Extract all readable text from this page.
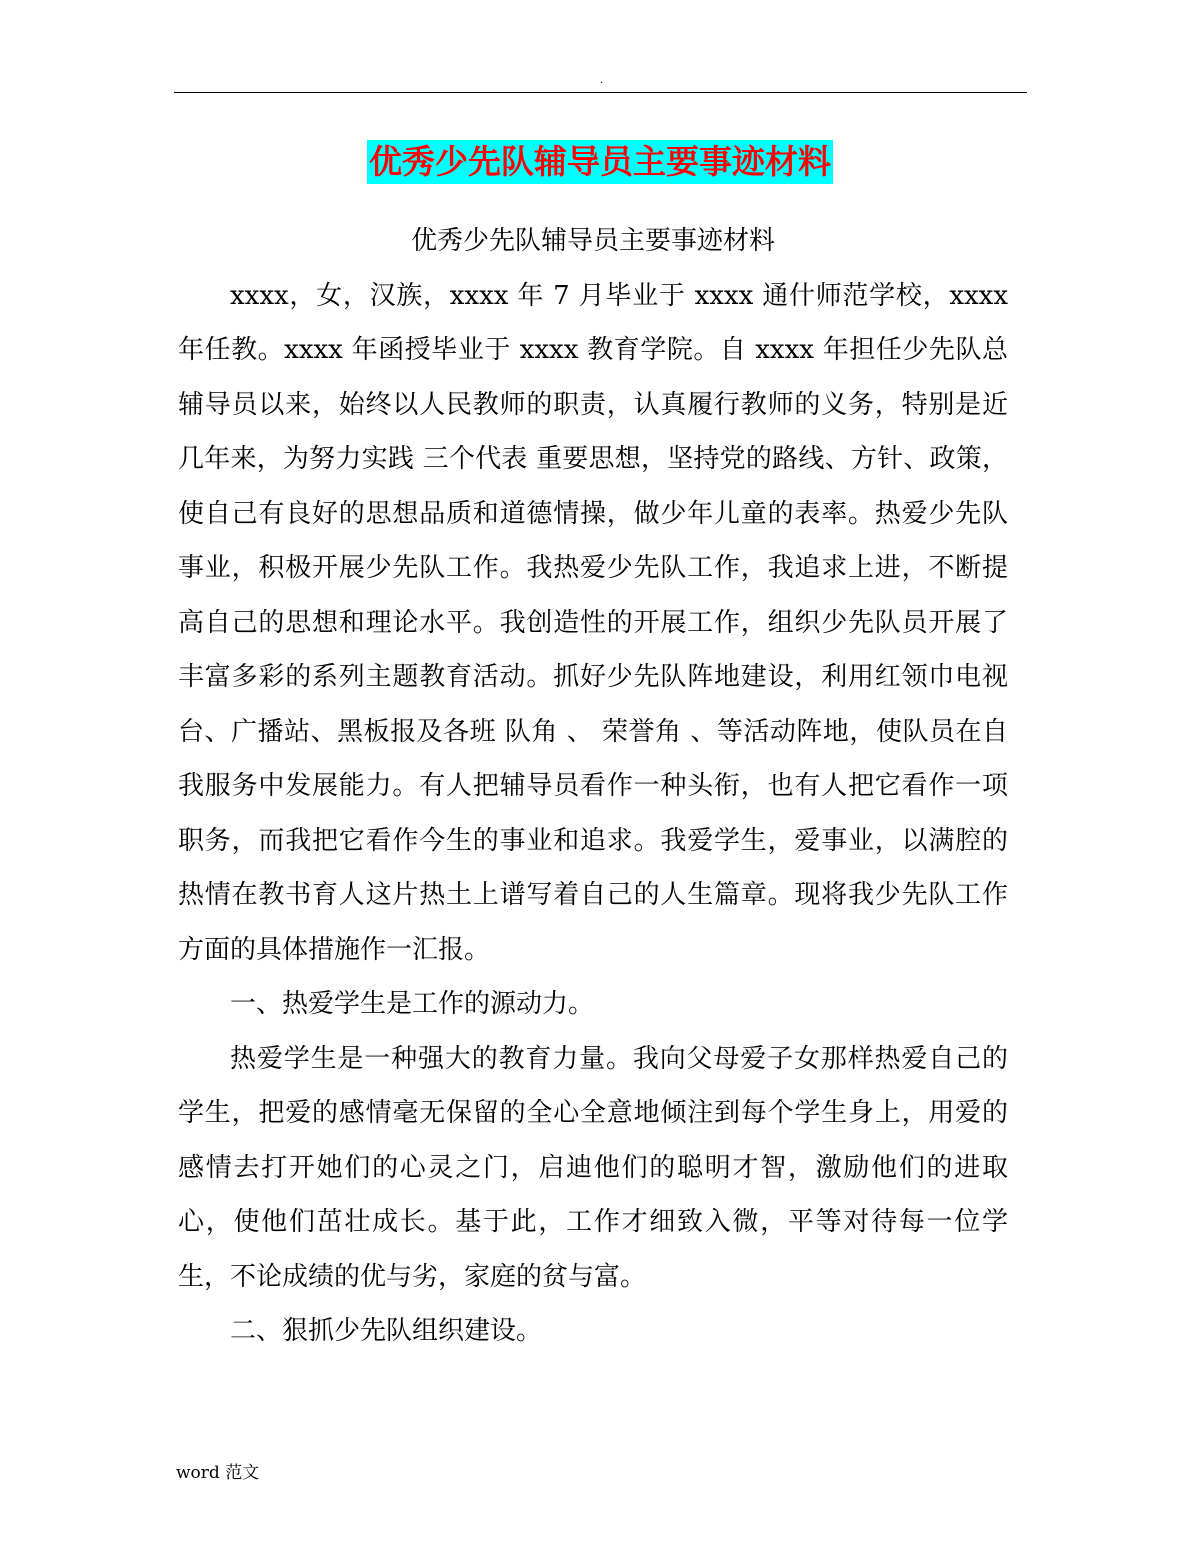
.
优秀少先队辅导员主要事迹材料

优秀少先队辅导员主要事迹材料

xxxx，女，汉族，xxxx 年 7 月毕业于 xxxx 通什师范学校，xxxx 年任教。xxxx 年函授毕业于 xxxx 教育学院。自 xxxx 年担任少先队总辅导员以来，始终以人民教师的职责，认真履行教师的义务，特别是近几年来，为努力实践 三个代表 重要思想，坚持党的路线、方针、政策，使自己有良好的思想品质和道德情操，做少年儿童的表率。热爱少先队事业，积极开展少先队工作。我热爱少先队工作，我追求上进，不断提高自己的思想和理论水平。我创造性的开展工作，组织少先队员开展了丰富多彩的系列主题教育活动。抓好少先队阵地建设，利用红领巾电视台、广播站、黑板报及各班 队角 、 荣誉角 、等活动阵地，使队员在自我服务中发展能力。有人把辅导员看作一种头衔，也有人把它看作一项职务，而我把它看作今生的事业和追求。我爱学生，爱事业，以满腔的热情在教书育人这片热土上谱写着自己的人生篇章。现将我少先队工作方面的具体措施作一汇报。

一、热爱学生是工作的源动力。

热爱学生是一种强大的教育力量。我向父母爱子女那样热爱自己的学生，把爱的感情毫无保留的全心全意地倾注到每个学生身上，用爱的感情去打开她们的心灵之门，启迪他们的聪明才智，激励他们的进取心，使他们茁壮成长。基于此，工作才细致入微，平等对待每一位学生，不论成绩的优与劣，家庭的贫与富。

二、狠抓少先队组织建设。

word 范文
